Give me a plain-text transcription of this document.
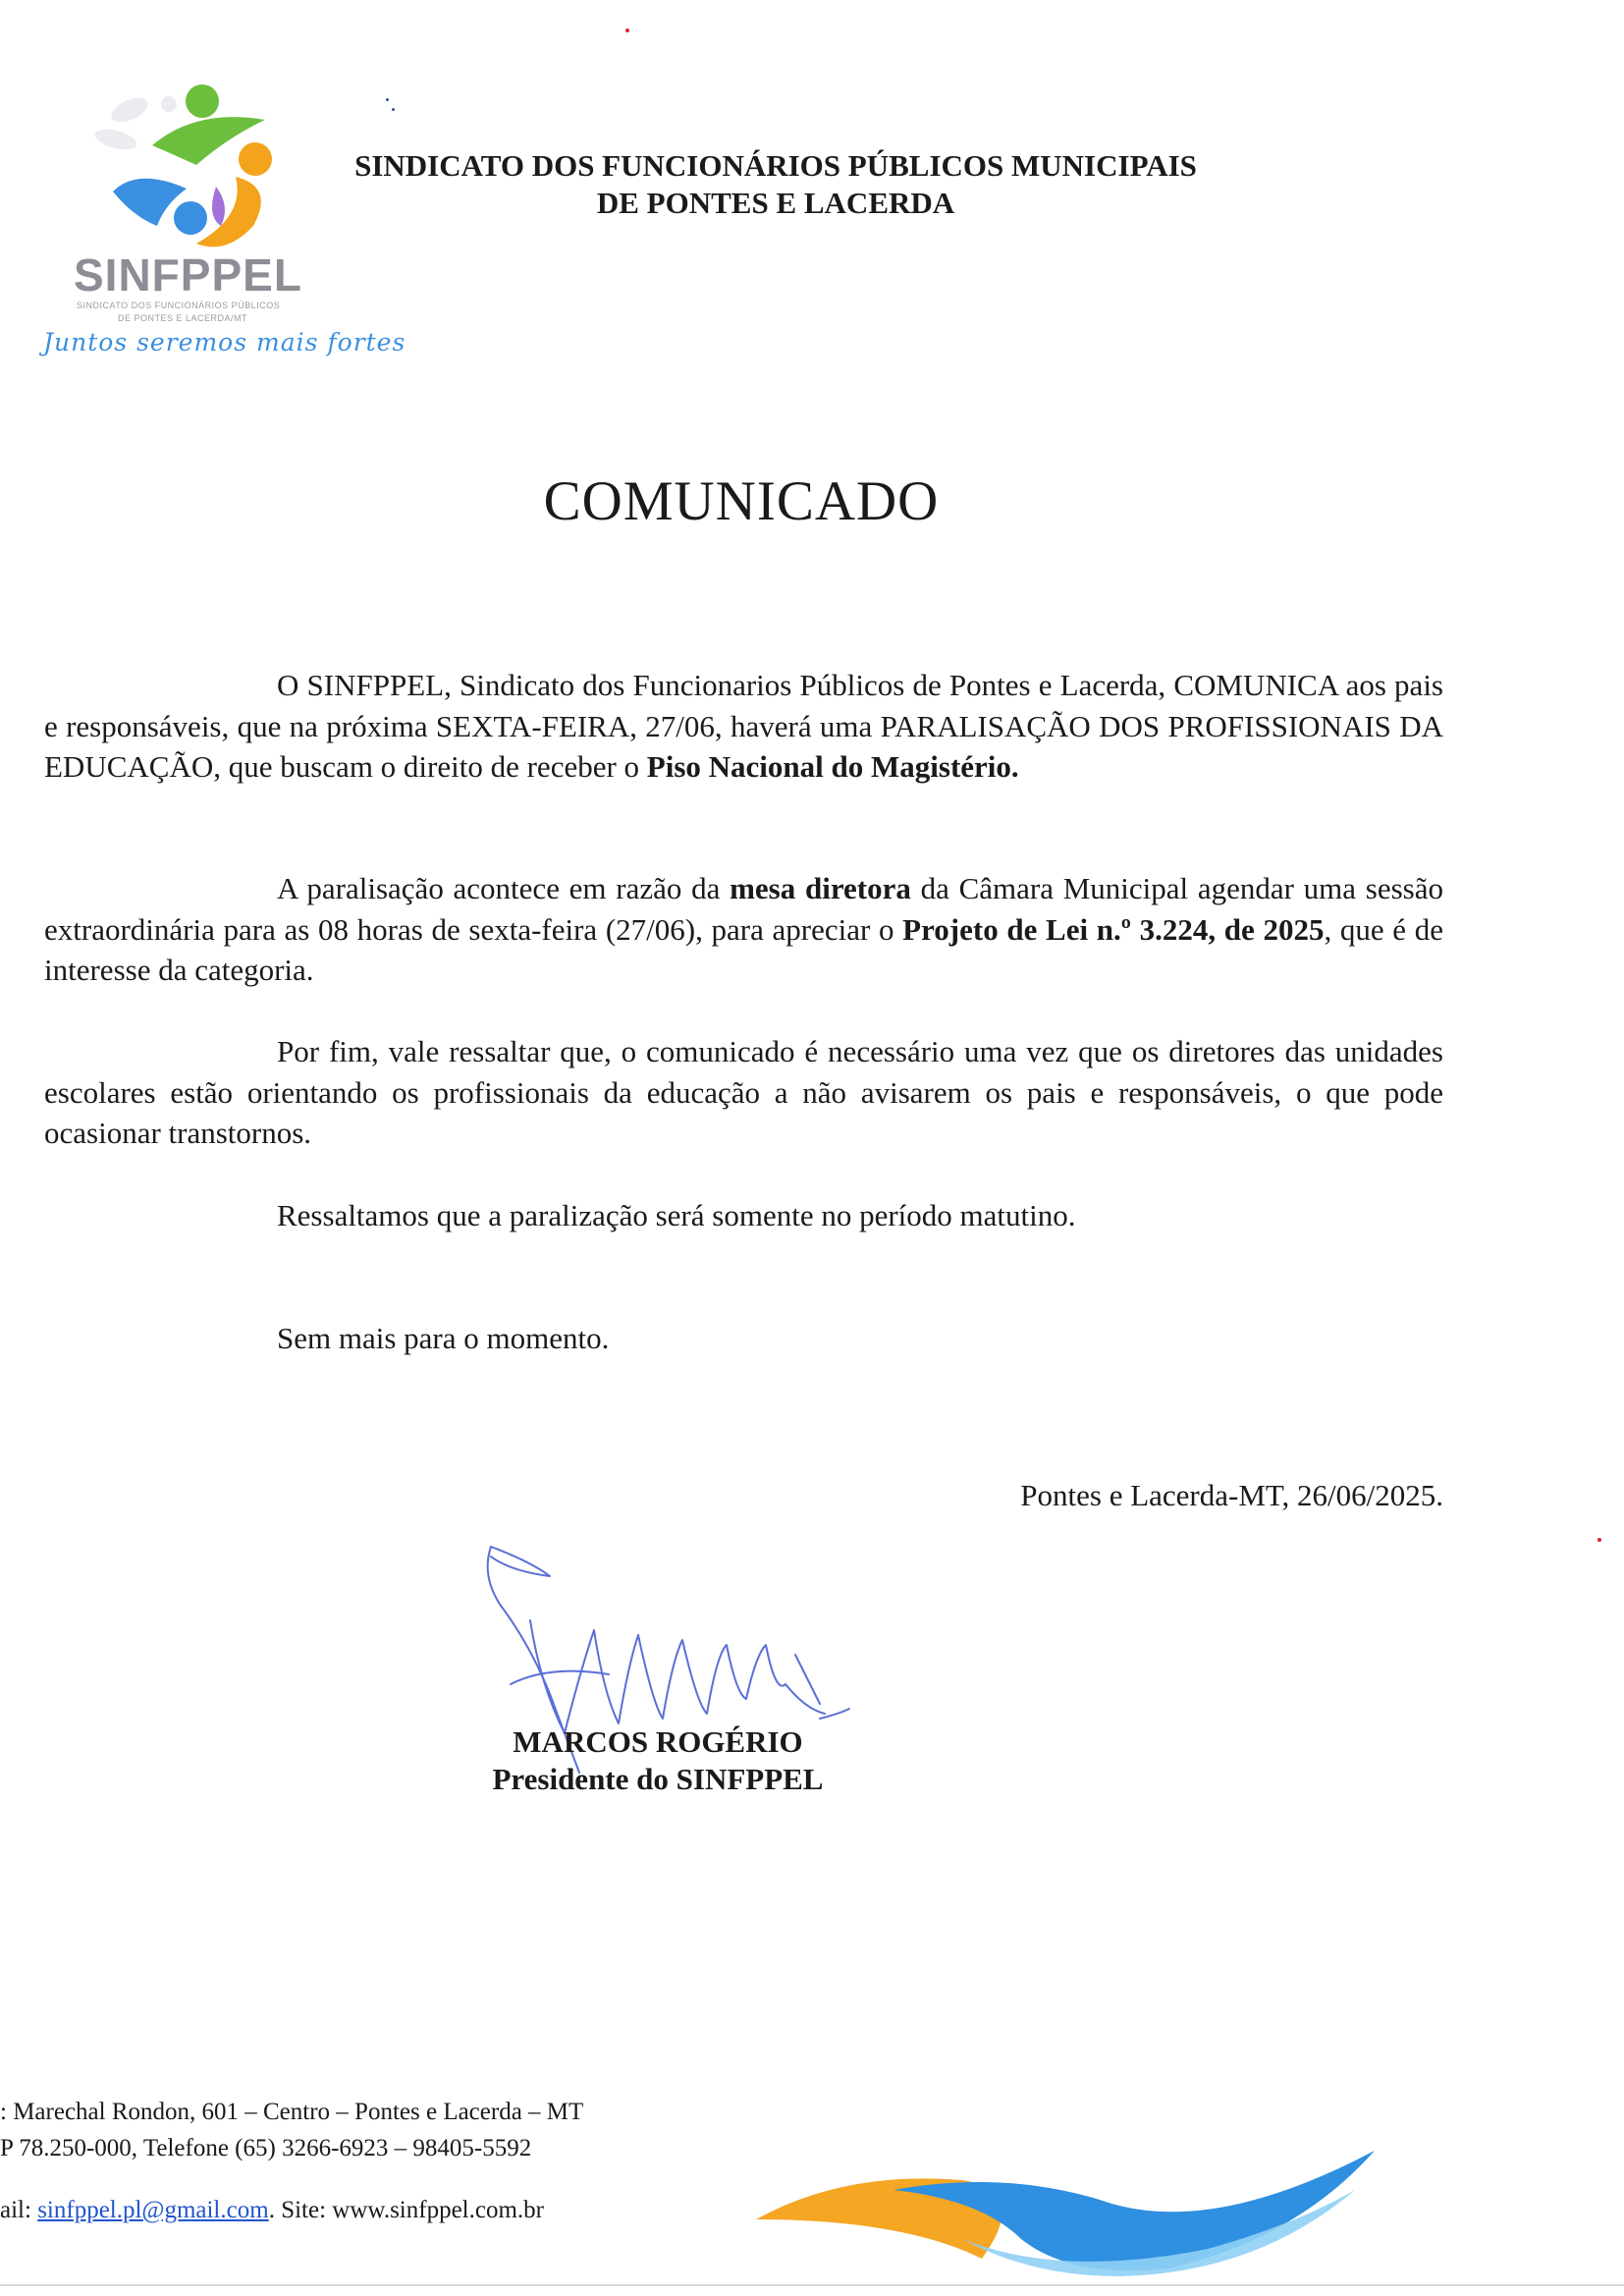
SINFPPEL
SINDICATO DOS FUNCIONÁRIOS PÚBLICOS
DE PONTES E LACERDA/MT
Juntos seremos mais fortes
SINDICATO DOS FUNCIONÁRIOS PÚBLICOS MUNICIPAIS
DE PONTES E LACERDA
COMUNICADO
O SINFPPEL, Sindicato dos Funcionarios Públicos de Pontes e Lacerda, COMUNICA aos pais e responsáveis, que na próxima SEXTA-FEIRA, 27/06, haverá uma PARALISAÇÃO DOS PROFISSIONAIS DA EDUCAÇÃO, que buscam o direito de receber o Piso Nacional do Magistério.
A paralisação acontece em razão da mesa diretora da Câmara Municipal agendar uma sessão extraordinária para as 08 horas de sexta-feira (27/06), para apreciar o Projeto de Lei n.º 3.224, de 2025, que é de interesse da categoria.
Por fim, vale ressaltar que, o comunicado é necessário uma vez que os diretores das unidades escolares estão orientando os profissionais da educação a não avisarem os pais e responsáveis, o que pode ocasionar transtornos.
Ressaltamos que a paralização será somente no período matutino.
Sem mais para o momento.
Pontes e Lacerda-MT, 26/06/2025.
MARCOS ROGÉRIO
Presidente do SINFPPEL
: Marechal Rondon, 601 – Centro – Pontes e Lacerda – MT
P 78.250-000, Telefone (65) 3266-6923 – 98405-5592
ail: sinfppel.pl@gmail.com. Site: www.sinfppel.com.br
